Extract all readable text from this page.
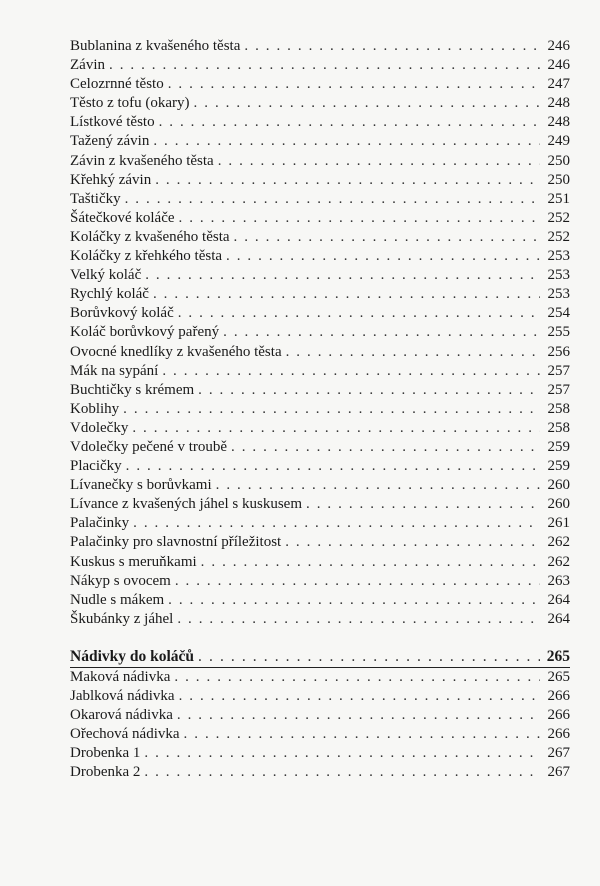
Bublanina z kvašeného těsta . . .	246
Závin . . .	246
Celozrnné těsto . . .	247
Těsto z tofu (okary) . . .	248
Lístkové těsto . . .	248
Tažený závin . . .	249
Závin z kvašeného těsta . . .	250
Křehký závin . . .	250
Taštičky . . .	251
Šátečkové koláče . . .	252
Koláčky z kvašeného těsta . . .	252
Koláčky z křehkého těsta . . .	253
Velký koláč . . .	253
Rychlý koláč . . .	253
Borůvkový koláč . . .	254
Koláč borůvkový pařený . . .	255
Ovocné knedlíky z kvašeného těsta . . .	256
Mák na sypání . . .	257
Buchtičky s krémem . . .	257
Koblihy . . .	258
Vdolečky . . .	258
Vdolečky pečené v troubě . . .	259
Placičky . . .	259
Lívanečky s borůvkami . . .	260
Lívance z kvašených jáhel s kuskusem . . .	260
Palačinky . . .	261
Palačinky pro slavnostní příležitost . . .	262
Kuskus s meruňkami . . .	262
Nákyp s ovocem . . .	263
Nudle s mákem . . .	264
Škubánky z jáhel . . .	264
Nádivky do koláčů . . .	265
Maková nádivka . . .	265
Jablková nádivka . . .	266
Okarová nádivka . . .	266
Ořechová nádivka . . .	266
Drobenka 1 . . .	267
Drobenka 2 . . .	267
